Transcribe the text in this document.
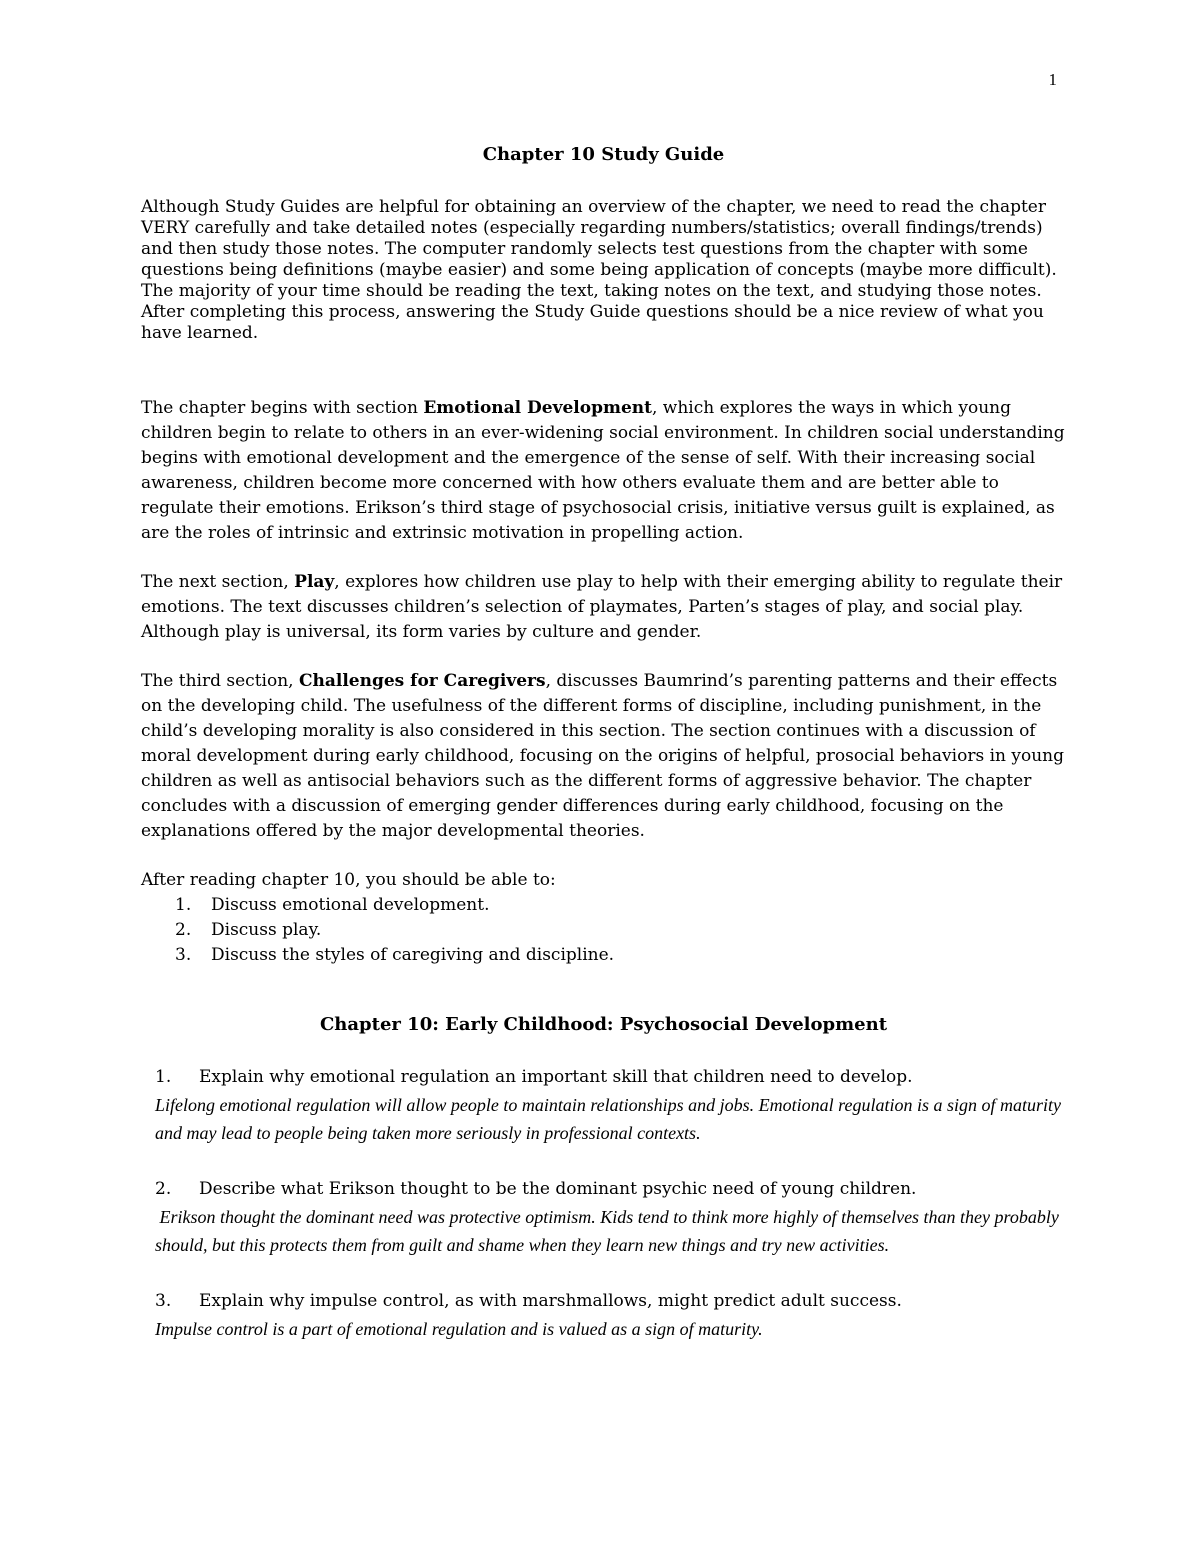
1
Chapter 10 Study Guide

Although Study Guides are helpful for obtaining an overview of the chapter, we need to read the chapter VERY carefully and take detailed notes (especially regarding numbers/statistics; overall findings/trends) and then study those notes. The computer randomly selects test questions from the chapter with some questions being definitions (maybe easier) and some being application of concepts (maybe more difficult). The majority of your time should be reading the text, taking notes on the text, and studying those notes. After completing this process, answering the Study Guide questions should be a nice review of what you have learned.

The chapter begins with section Emotional Development, which explores the ways in which young children begin to relate to others in an ever-widening social environment. In children social understanding begins with emotional development and the emergence of the sense of self. With their increasing social awareness, children become more concerned with how others evaluate them and are better able to regulate their emotions. Erikson’s third stage of psychosocial crisis, initiative versus guilt is explained, as are the roles of intrinsic and extrinsic motivation in propelling action.

The next section, Play, explores how children use play to help with their emerging ability to regulate their emotions. The text discusses children’s selection of playmates, Parten’s stages of play, and social play. Although play is universal, its form varies by culture and gender.

The third section, Challenges for Caregivers, discusses Baumrind’s parenting patterns and their effects on the developing child. The usefulness of the different forms of discipline, including punishment, in the child’s developing morality is also considered in this section. The section continues with a discussion of moral development during early childhood, focusing on the origins of helpful, prosocial behaviors in young children as well as antisocial behaviors such as the different forms of aggressive behavior. The chapter concludes with a discussion of emerging gender differences during early childhood, focusing on the explanations offered by the major developmental theories.

After reading chapter 10, you should be able to:

1.	Discuss emotional development.
2.	Discuss play.
3.	Discuss the styles of caregiving and discipline.
Chapter 10: Early Childhood: Psychosocial Development
1.	Explain why emotional regulation an important skill that children need to develop.
Lifelong emotional regulation will allow people to maintain relationships and jobs. Emotional regulation is a sign of maturity and may lead to people being taken more seriously in professional contexts.
2.	Describe what Erikson thought to be the dominant psychic need of young children.
Erikson thought the dominant need was protective optimism. Kids tend to think more highly of themselves than they probably should, but this protects them from guilt and shame when they learn new things and try new activities.
3.	Explain why impulse control, as with marshmallows, might predict adult success.
Impulse control is a part of emotional regulation and is valued as a sign of maturity.
